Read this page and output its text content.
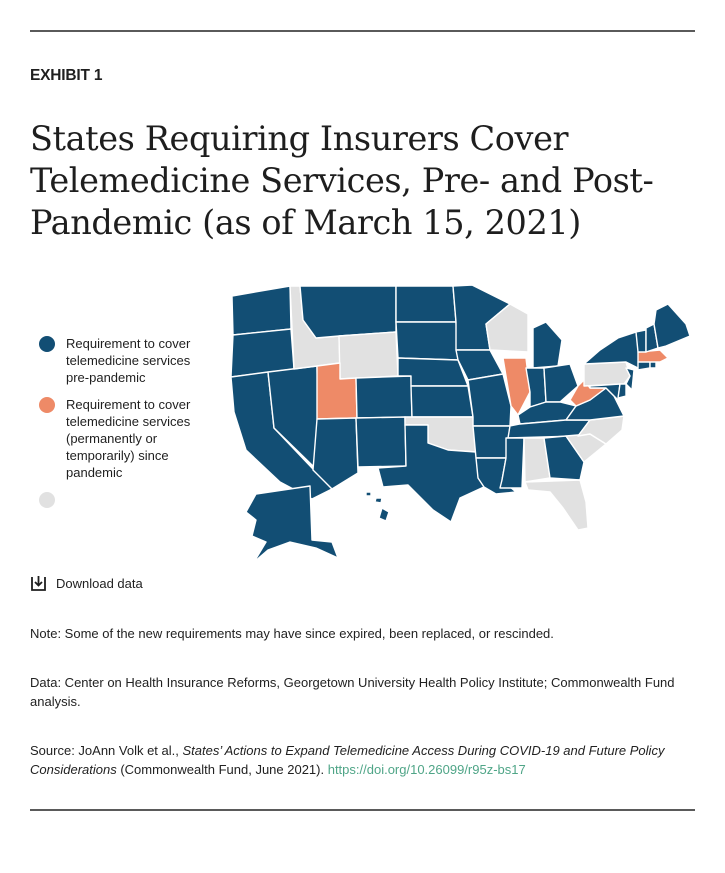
EXHIBIT 1
States Requiring Insurers Cover Telemedicine Services, Pre- and Post-Pandemic (as of March 15, 2021)
Requirement to cover telemedicine services pre-pandemic
Requirement to cover telemedicine services (permanently or temporarily) since pandemic
Download data
Note: Some of the new requirements may have since expired, been replaced, or rescinded.
Data: Center on Health Insurance Reforms, Georgetown University Health Policy Institute; Commonwealth Fund analysis.
Source: JoAnn Volk et al., States’ Actions to Expand Telemedicine Access During COVID-19 and Future Policy Considerations (Commonwealth Fund, June 2021). https://doi.org/10.26099/r95z-bs17
